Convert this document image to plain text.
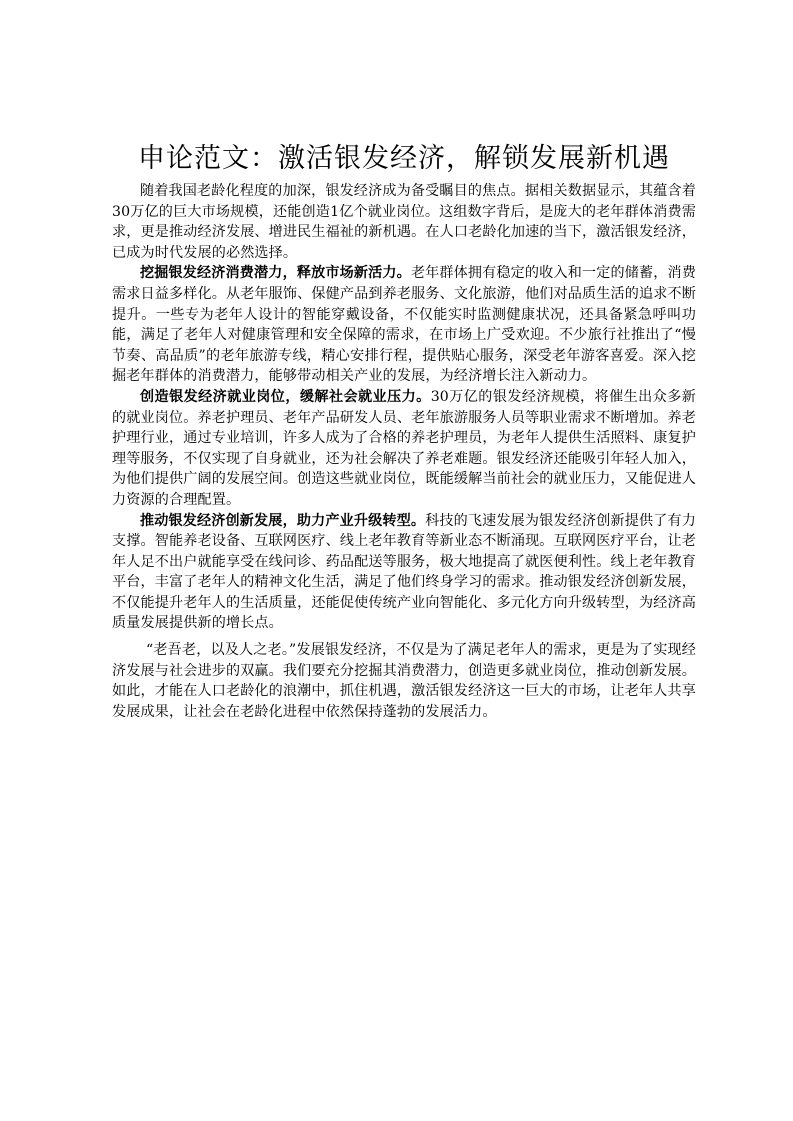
申论范文：激活银发经济，解锁发展新机遇

随着我国老龄化程度的加深，银发经济成为备受瞩目的焦点。据相关数据显示，其蕴含着30万亿的巨大市场规模，还能创造1亿个就业岗位。这组数字背后，是庞大的老年群体消费需求，更是推动经济发展、增进民生福祉的新机遇。在人口老龄化加速的当下，激活银发经济，已成为时代发展的必然选择。

挖掘银发经济消费潜力，释放市场新活力。老年群体拥有稳定的收入和一定的储蓄，消费需求日益多样化。从老年服饰、保健产品到养老服务、文化旅游，他们对品质生活的追求不断提升。一些专为老年人设计的智能穿戴设备，不仅能实时监测健康状况，还具备紧急呼叫功能，满足了老年人对健康管理和安全保障的需求，在市场上广受欢迎。不少旅行社推出了“慢节奏、高品质”的老年旅游专线，精心安排行程，提供贴心服务，深受老年游客喜爱。深入挖掘老年群体的消费潜力，能够带动相关产业的发展，为经济增长注入新动力。

创造银发经济就业岗位，缓解社会就业压力。30万亿的银发经济规模，将催生出众多新的就业岗位。养老护理员、老年产品研发人员、老年旅游服务人员等职业需求不断增加。养老护理行业，通过专业培训，许多人成为了合格的养老护理员，为老年人提供生活照料、康复护理等服务，不仅实现了自身就业，还为社会解决了养老难题。银发经济还能吸引年轻人加入，为他们提供广阔的发展空间。创造这些就业岗位，既能缓解当前社会的就业压力，又能促进人力资源的合理配置。

推动银发经济创新发展，助力产业升级转型。科技的飞速发展为银发经济创新提供了有力支撑。智能养老设备、互联网医疗、线上老年教育等新业态不断涌现。互联网医疗平台，让老年人足不出户就能享受在线问诊、药品配送等服务，极大地提高了就医便利性。线上老年教育平台，丰富了老年人的精神文化生活，满足了他们终身学习的需求。推动银发经济创新发展，不仅能提升老年人的生活质量，还能促使传统产业向智能化、多元化方向升级转型，为经济高质量发展提供新的增长点。

“老吾老，以及人之老。”发展银发经济，不仅是为了满足老年人的需求，更是为了实现经济发展与社会进步的双赢。我们要充分挖掘其消费潜力，创造更多就业岗位，推动创新发展。如此，才能在人口老龄化的浪潮中，抓住机遇，激活银发经济这一巨大的市场，让老年人共享发展成果，让社会在老龄化进程中依然保持蓬勃的发展活力。
